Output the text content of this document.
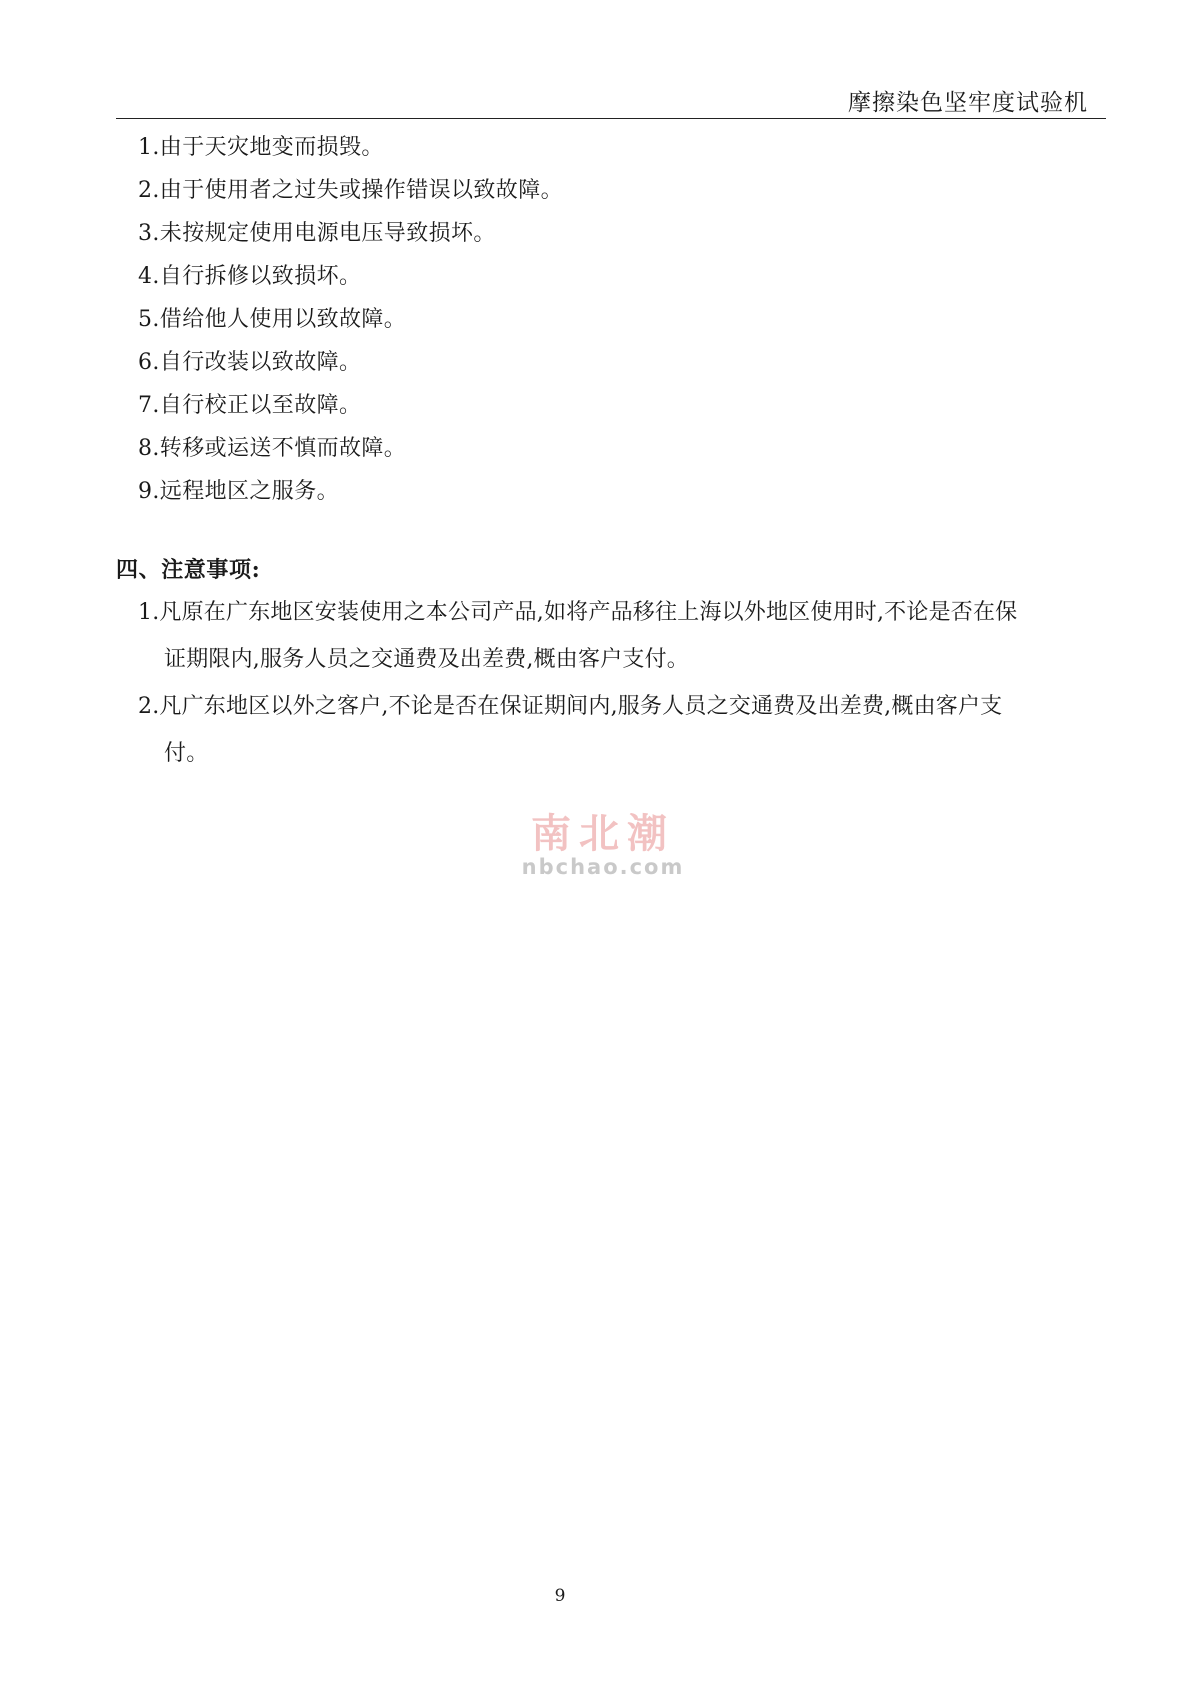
摩擦染色坚牢度试验机
1.由于天灾地变而损毁。
2.由于使用者之过失或操作错误以致故障。
3.未按规定使用电源电压导致损坏。
4.自行拆修以致损坏。
5.借给他人使用以致故障。
6.自行改装以致故障。
7.自行校正以至故障。
8.转移或运送不慎而故障。
9.远程地区之服务。
四、注意事项:
1.凡原在广东地区安装使用之本公司产品,如将产品移往上海以外地区使用时,不论是否在保
证期限内,服务人员之交通费及出差费,概由客户支付。
2.凡广东地区以外之客户,不论是否在保证期间内,服务人员之交通费及出差费,概由客户支
付。
南北潮
nbchao.com
9
